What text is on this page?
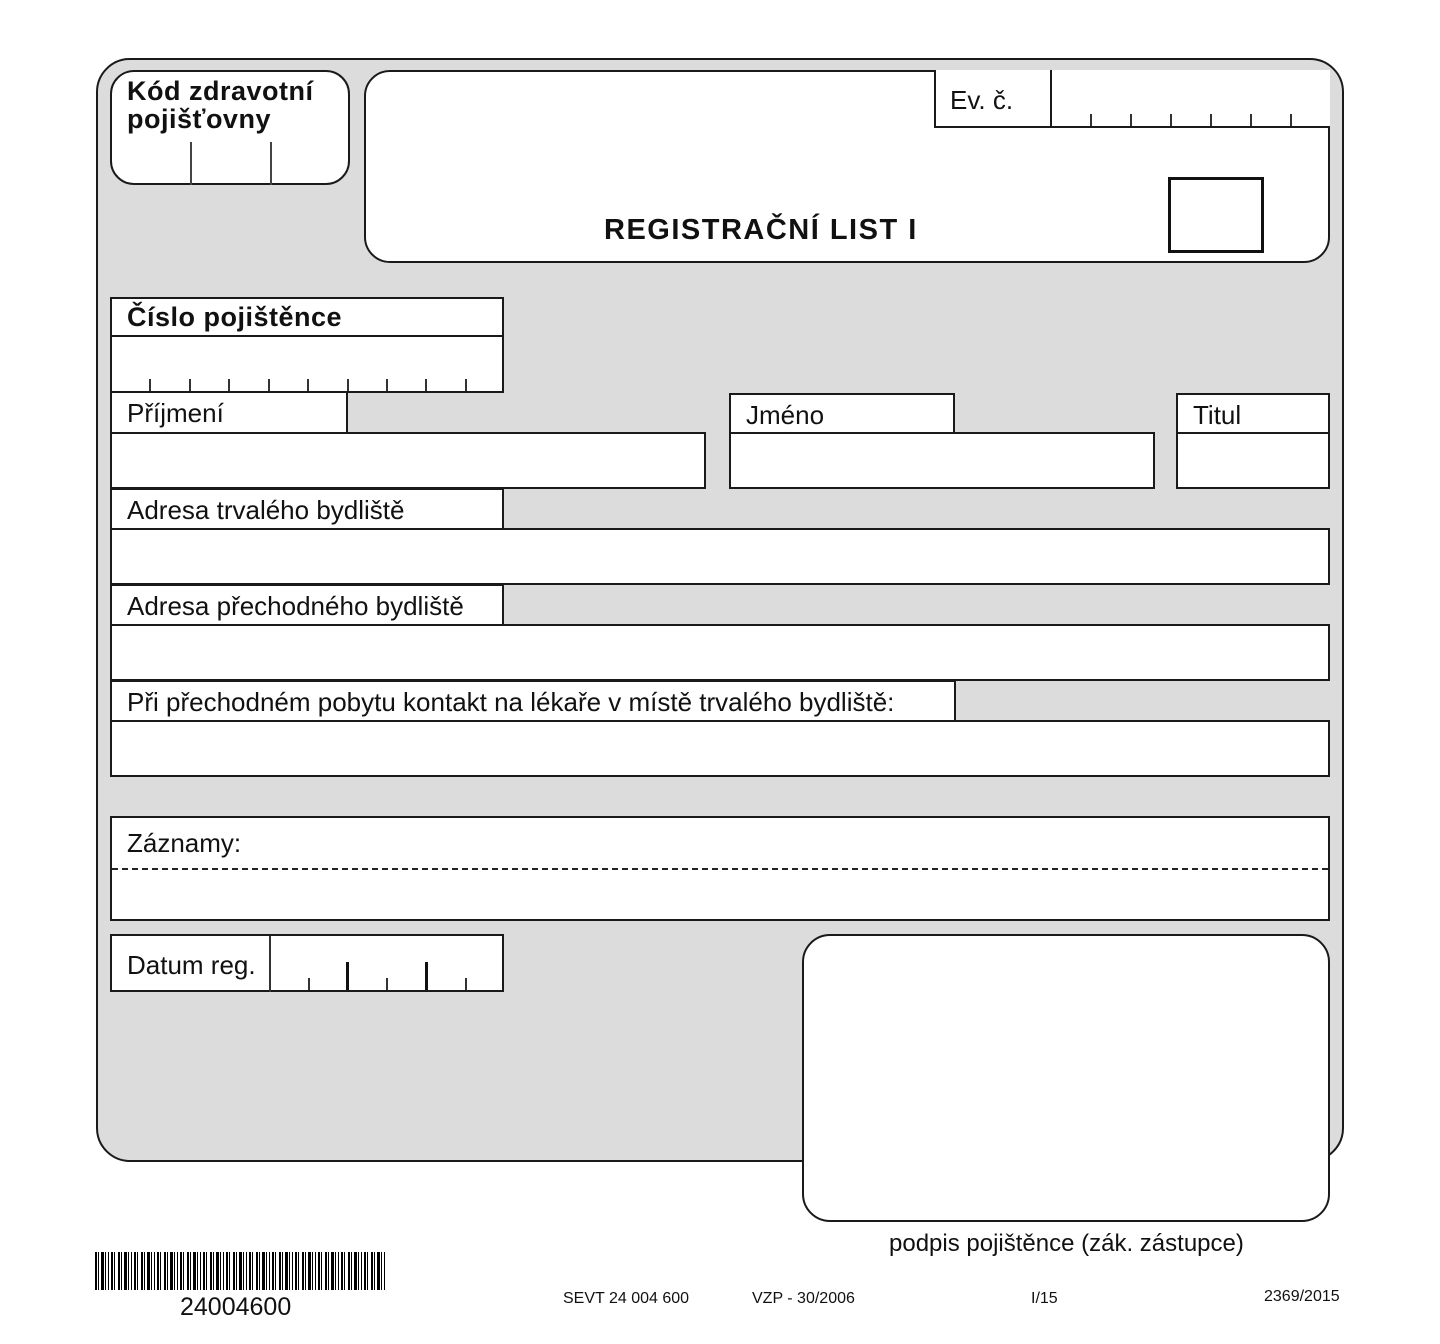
Kód zdravotní
pojišťovny
REGISTRAČNÍ LIST I
Ev. č.
Číslo pojištěnce
Příjmení	Jméno	Titul
Adresa trvalého bydliště
Adresa přechodného bydliště
Při přechodném pobytu kontakt na lékaře v místě trvalého bydliště:
Záznamy:
Datum reg.
podpis pojištěnce (zák. zástupce)
24004600	SEVT 24 004 600	VZP - 30/2006	I/15	2369/2015
